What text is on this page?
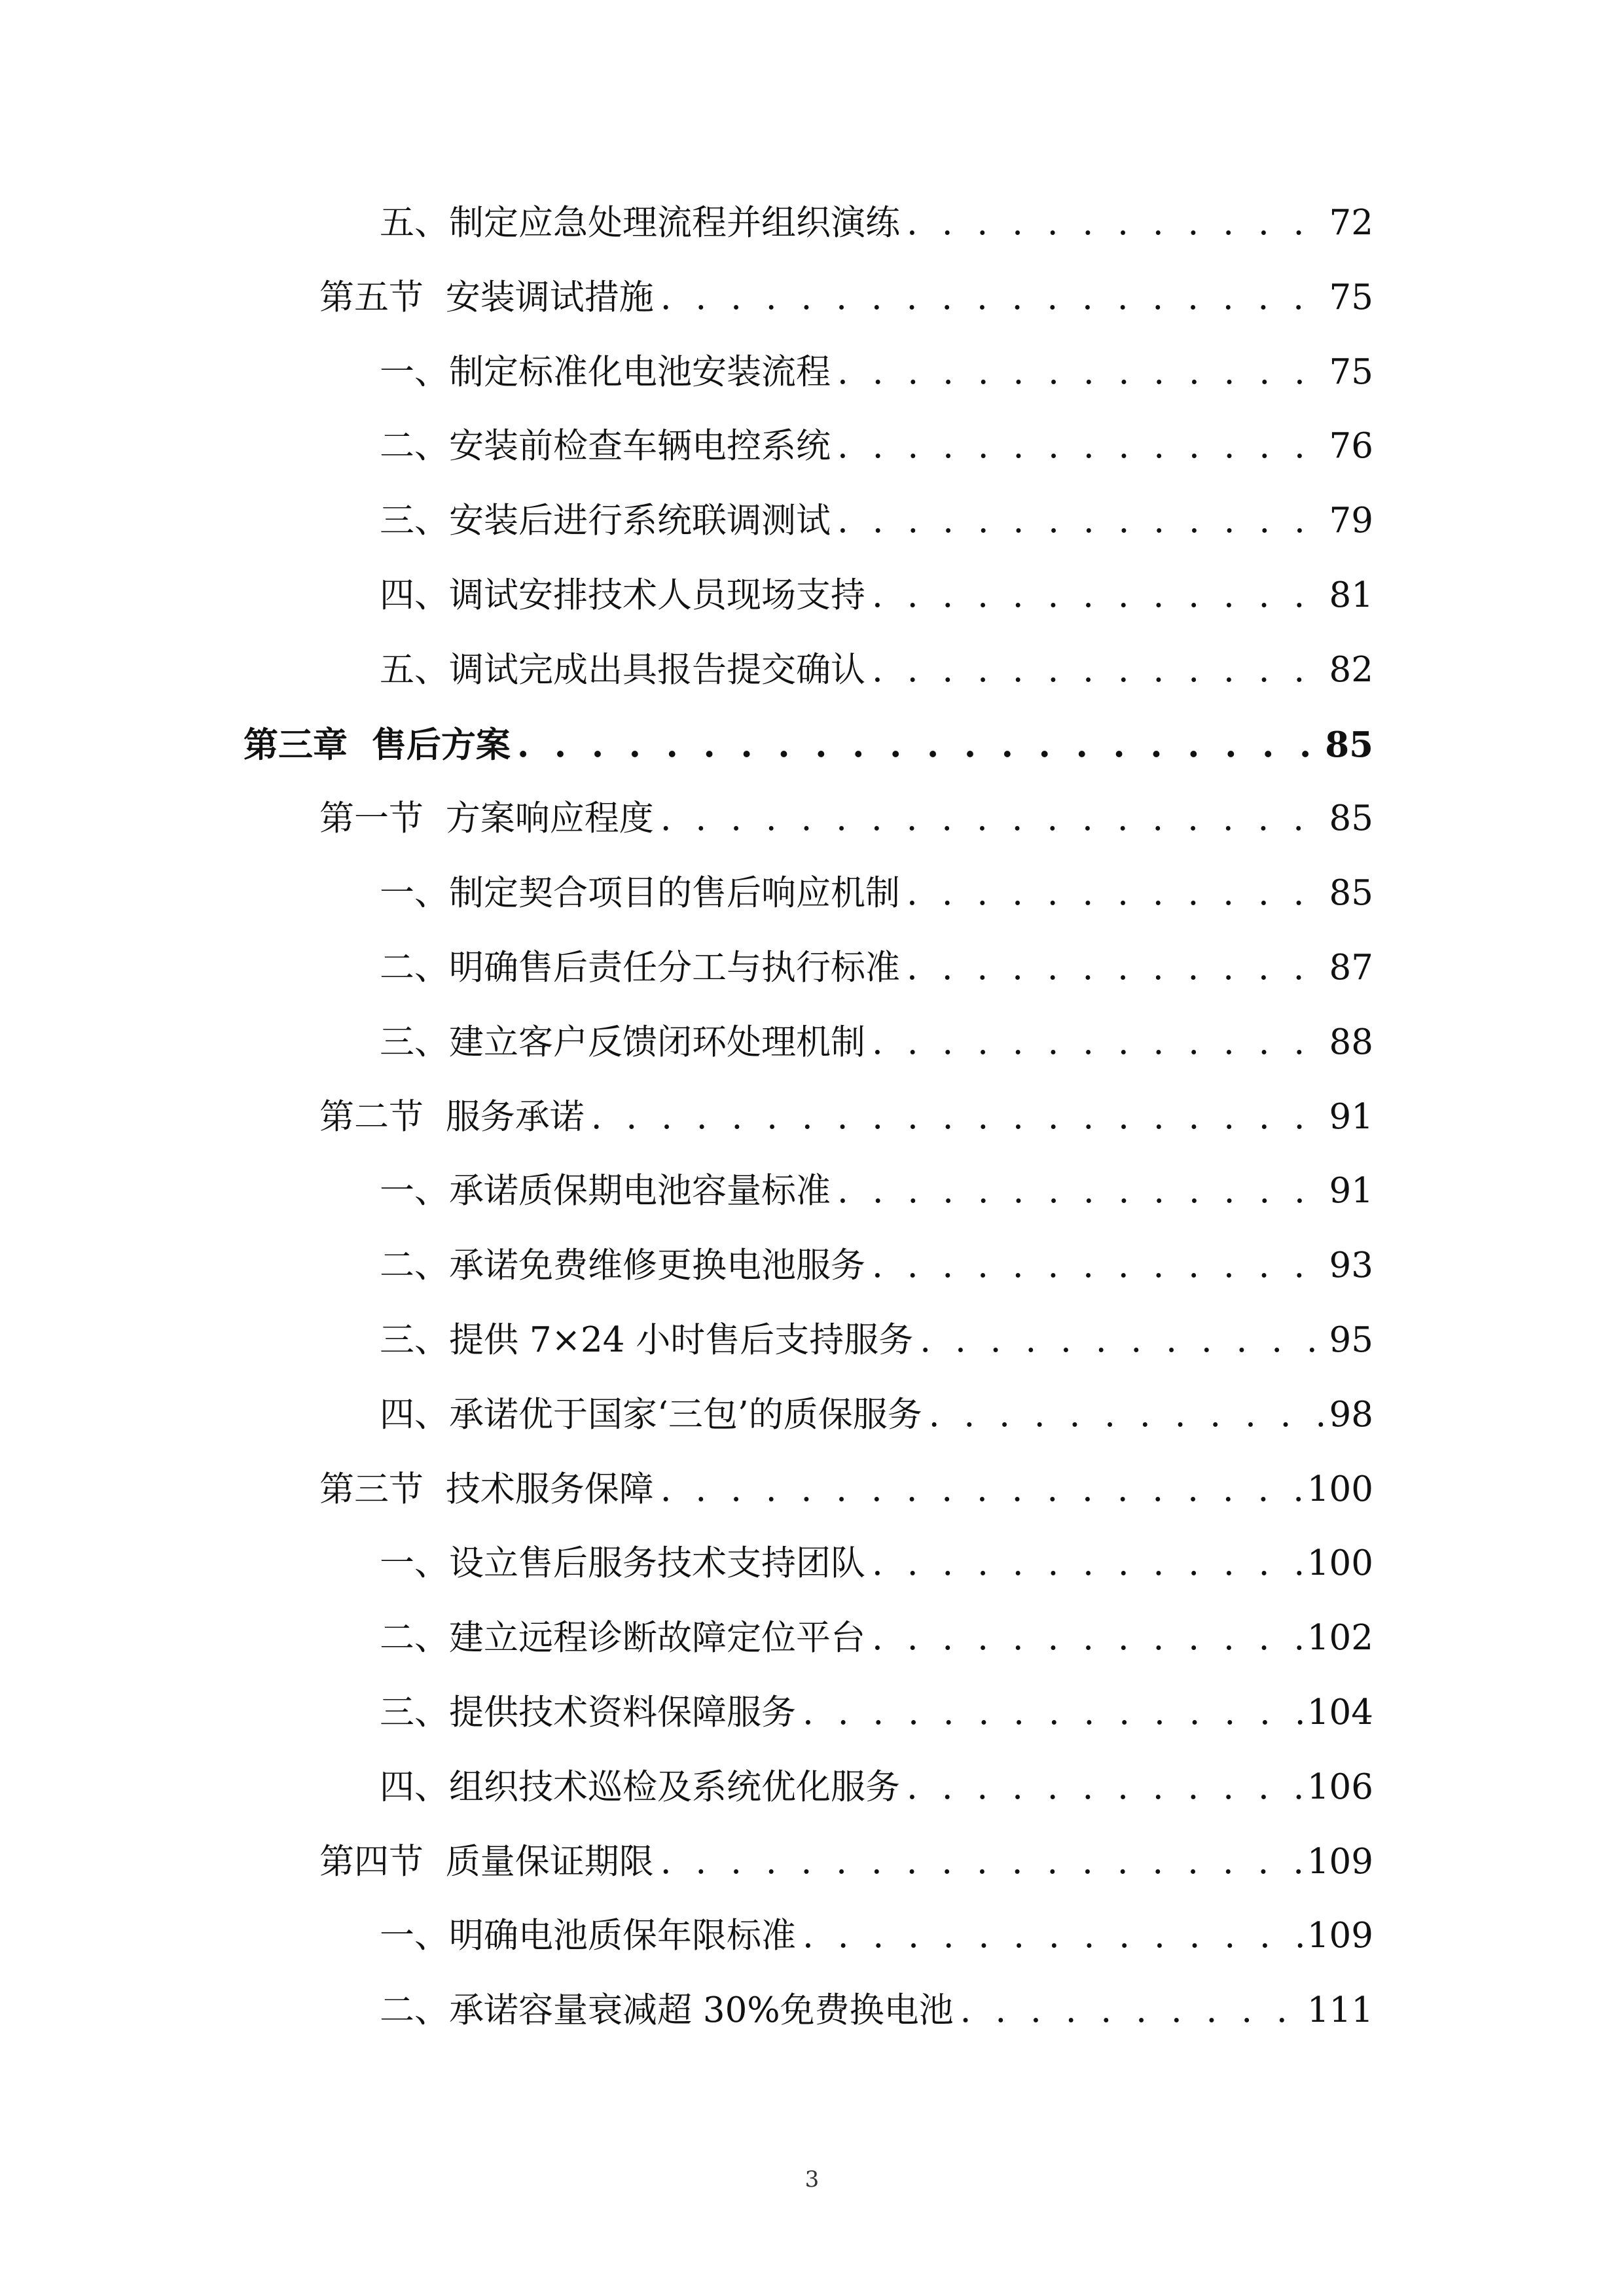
五、制定应急处理流程并组织演练 . . .	72
第五节  安装调试措施 . . .	75
一、制定标准化电池安装流程 . . .	75
二、安装前检查车辆电控系统 . . .	76
三、安装后进行系统联调测试 . . .	79
四、调试安排技术人员现场支持 . . .	81
五、调试完成出具报告提交确认 . . .	82
第三章  售后方案 . . .	85
第一节  方案响应程度 . . .	85
一、制定契合项目的售后响应机制 . . .	85
二、明确售后责任分工与执行标准 . . .	87
三、建立客户反馈闭环处理机制 . . .	88
第二节  服务承诺 . . .	91
一、承诺质保期电池容量标准 . . .	91
二、承诺免费维修更换电池服务 . . .	93
三、提供 7×24 小时售后支持服务 . . .	95
四、承诺优于国家‘三包’的质保服务 . . .	98
第三节  技术服务保障 . . .	100
一、设立售后服务技术支持团队 . . .	100
二、建立远程诊断故障定位平台 . . .	102
三、提供技术资料保障服务 . . .	104
四、组织技术巡检及系统优化服务 . . .	106
第四节  质量保证期限 . . .	109
一、明确电池质保年限标准 . . .	109
二、承诺容量衰减超 30%免费换电池 . . .	111
3
